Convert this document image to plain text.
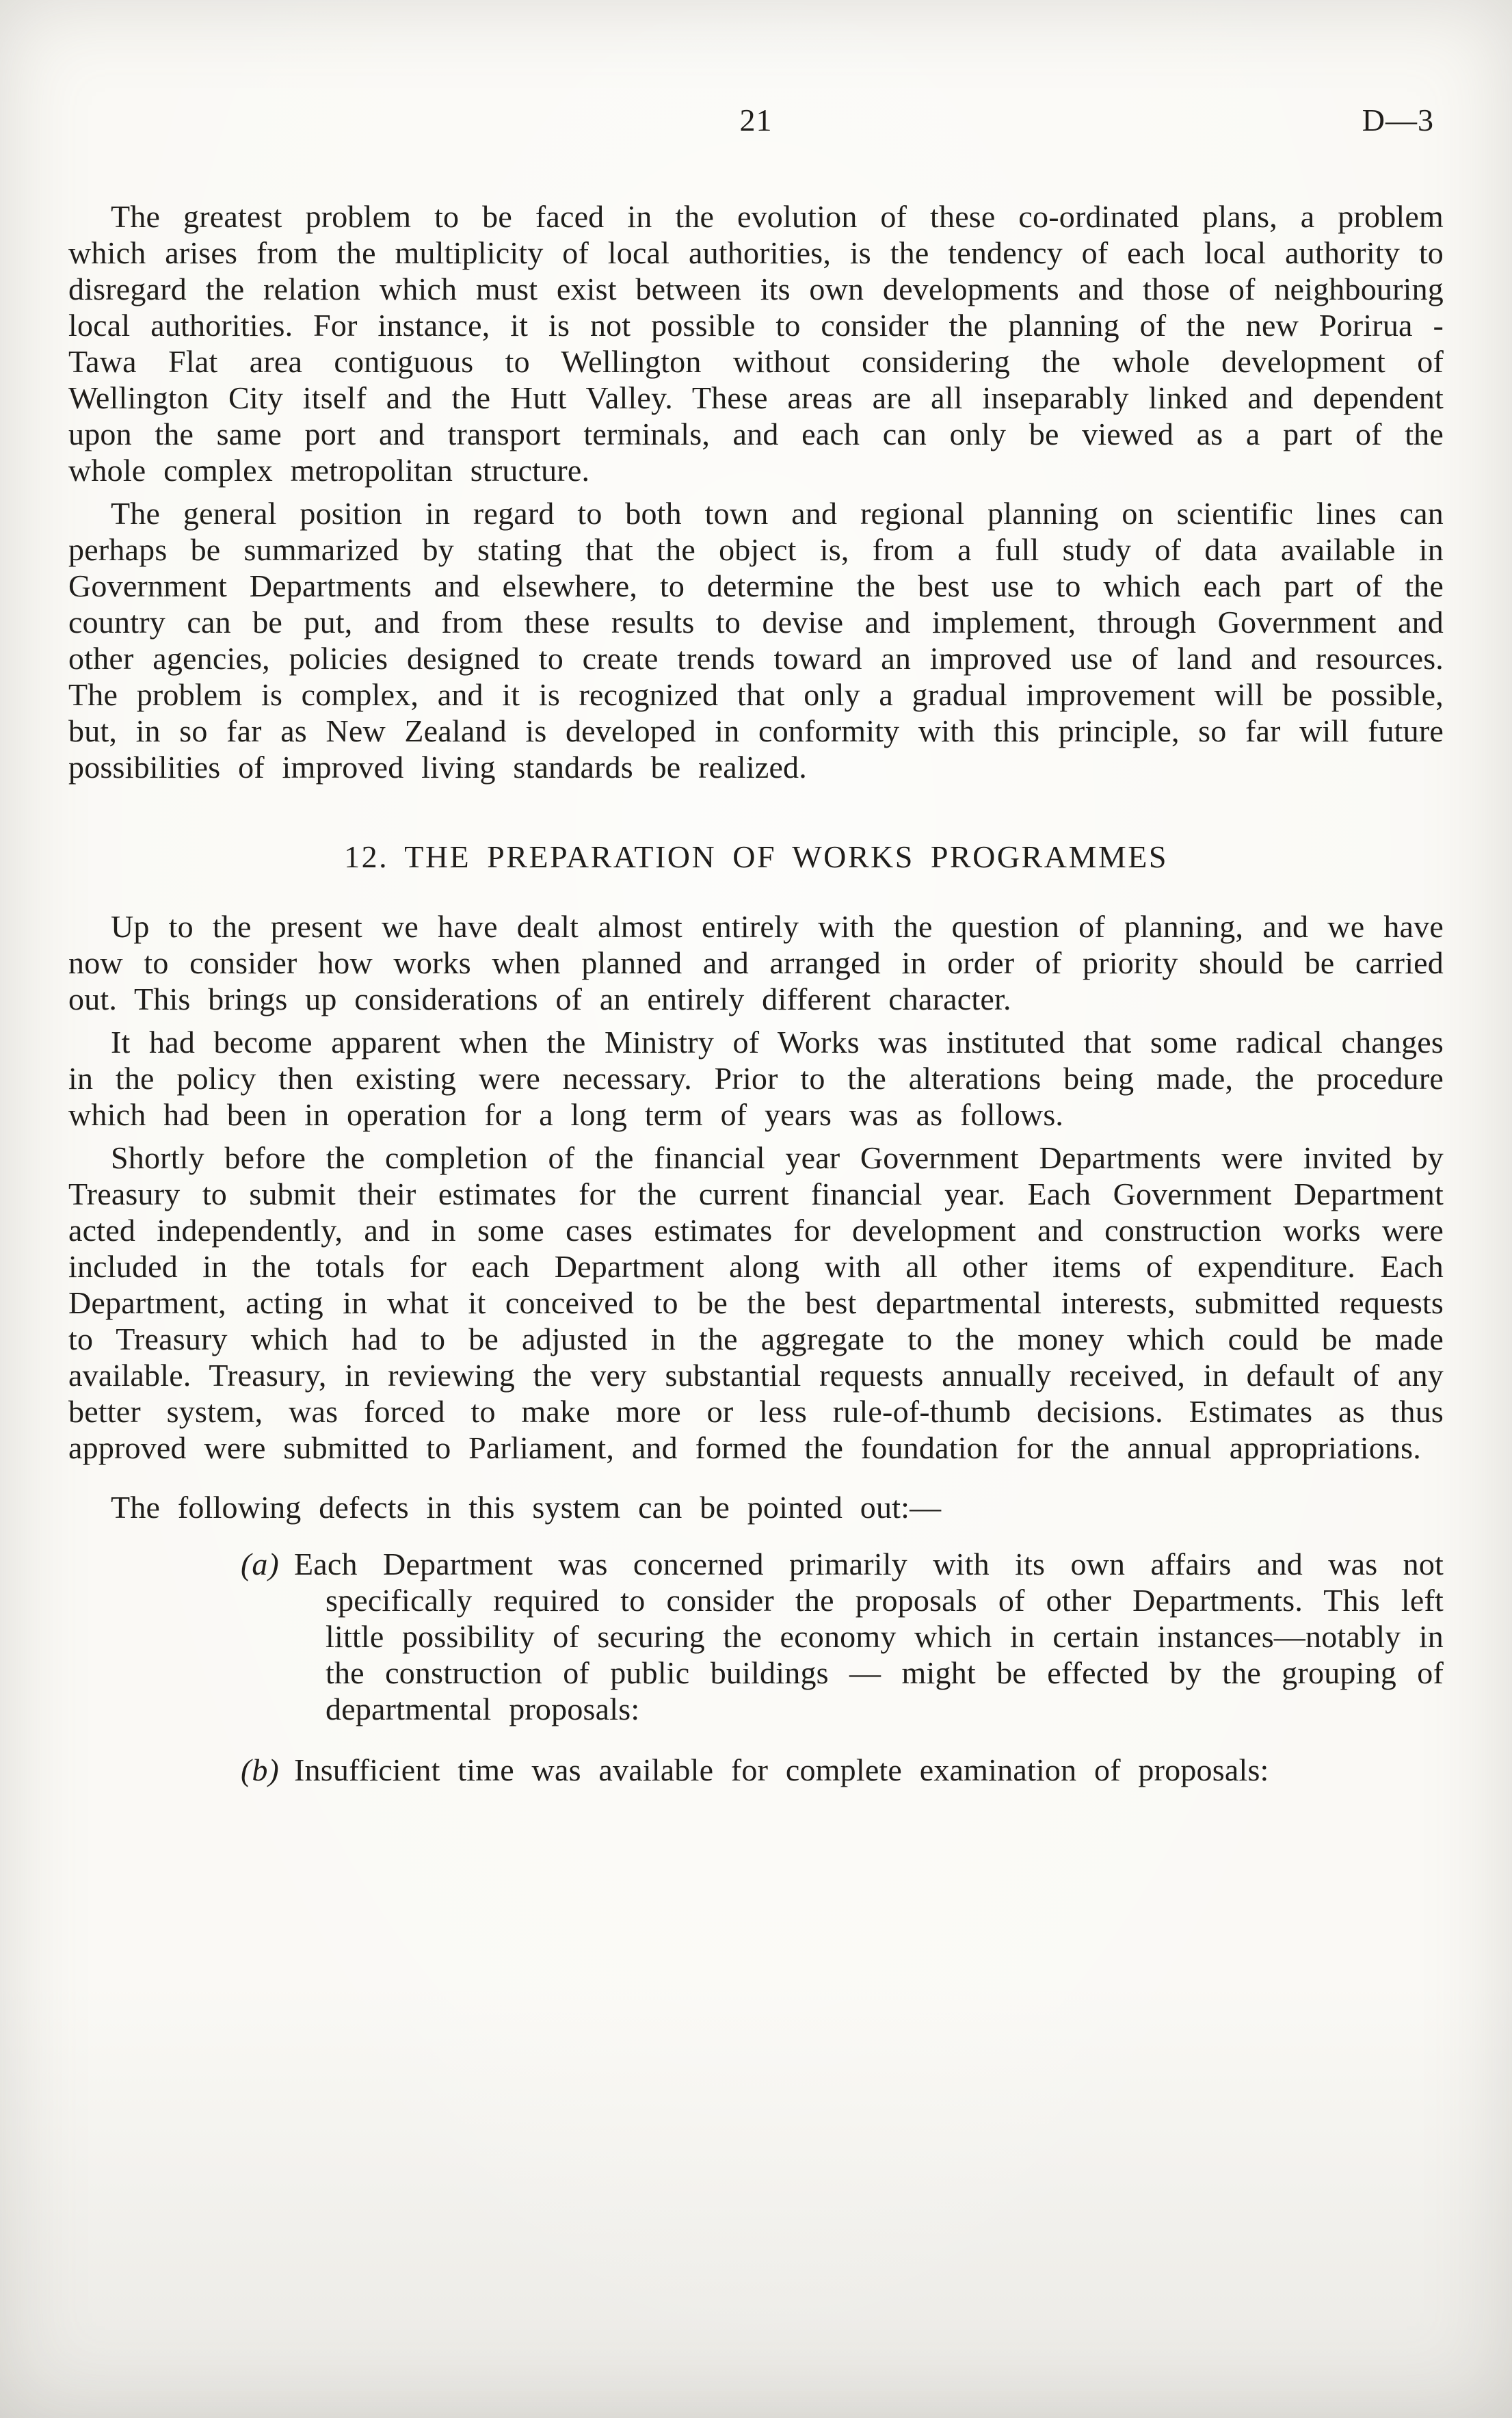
21	D—3

The greatest problem to be faced in the evolution of these co-ordinated plans, a problem which arises from the multiplicity of local authorities, is the tendency of each local authority to disregard the relation which must exist between its own developments and those of neighbouring local authorities. For instance, it is not possible to consider the planning of the new Porirua - Tawa Flat area contiguous to Wellington without considering the whole development of Wellington City itself and the Hutt Valley. These areas are all inseparably linked and dependent upon the same port and transport terminals, and each can only be viewed as a part of the whole complex metropolitan structure.

The general position in regard to both town and regional planning on scientific lines can perhaps be summarized by stating that the object is, from a full study of data available in Government Departments and elsewhere, to determine the best use to which each part of the country can be put, and from these results to devise and implement, through Government and other agencies, policies designed to create trends toward an improved use of land and resources. The problem is complex, and it is recognized that only a gradual improvement will be possible, but, in so far as New Zealand is developed in conformity with this principle, so far will future possibilities of improved living standards be realized.

12. THE PREPARATION OF WORKS PROGRAMMES

Up to the present we have dealt almost entirely with the question of planning, and we have now to consider how works when planned and arranged in order of priority should be carried out. This brings up considerations of an entirely different character.

It had become apparent when the Ministry of Works was instituted that some radical changes in the policy then existing were necessary. Prior to the alterations being made, the procedure which had been in operation for a long term of years was as follows.

Shortly before the completion of the financial year Government Departments were invited by Treasury to submit their estimates for the current financial year. Each Government Department acted independently, and in some cases estimates for development and construction works were included in the totals for each Department along with all other items of expenditure. Each Department, acting in what it conceived to be the best departmental interests, submitted requests to Treasury which had to be adjusted in the aggregate to the money which could be made available. Treasury, in reviewing the very substantial requests annually received, in default of any better system, was forced to make more or less rule-of-thumb decisions. Estimates as thus approved were submitted to Parliament, and formed the foundation for the annual appropriations.

The following defects in this system can be pointed out:—

(a) Each Department was concerned primarily with its own affairs and was not specifically required to consider the proposals of other Departments. This left little possibility of securing the economy which in certain instances—notably in the construction of public buildings — might be effected by the grouping of departmental proposals:

(b) Insufficient time was available for complete examination of proposals:
